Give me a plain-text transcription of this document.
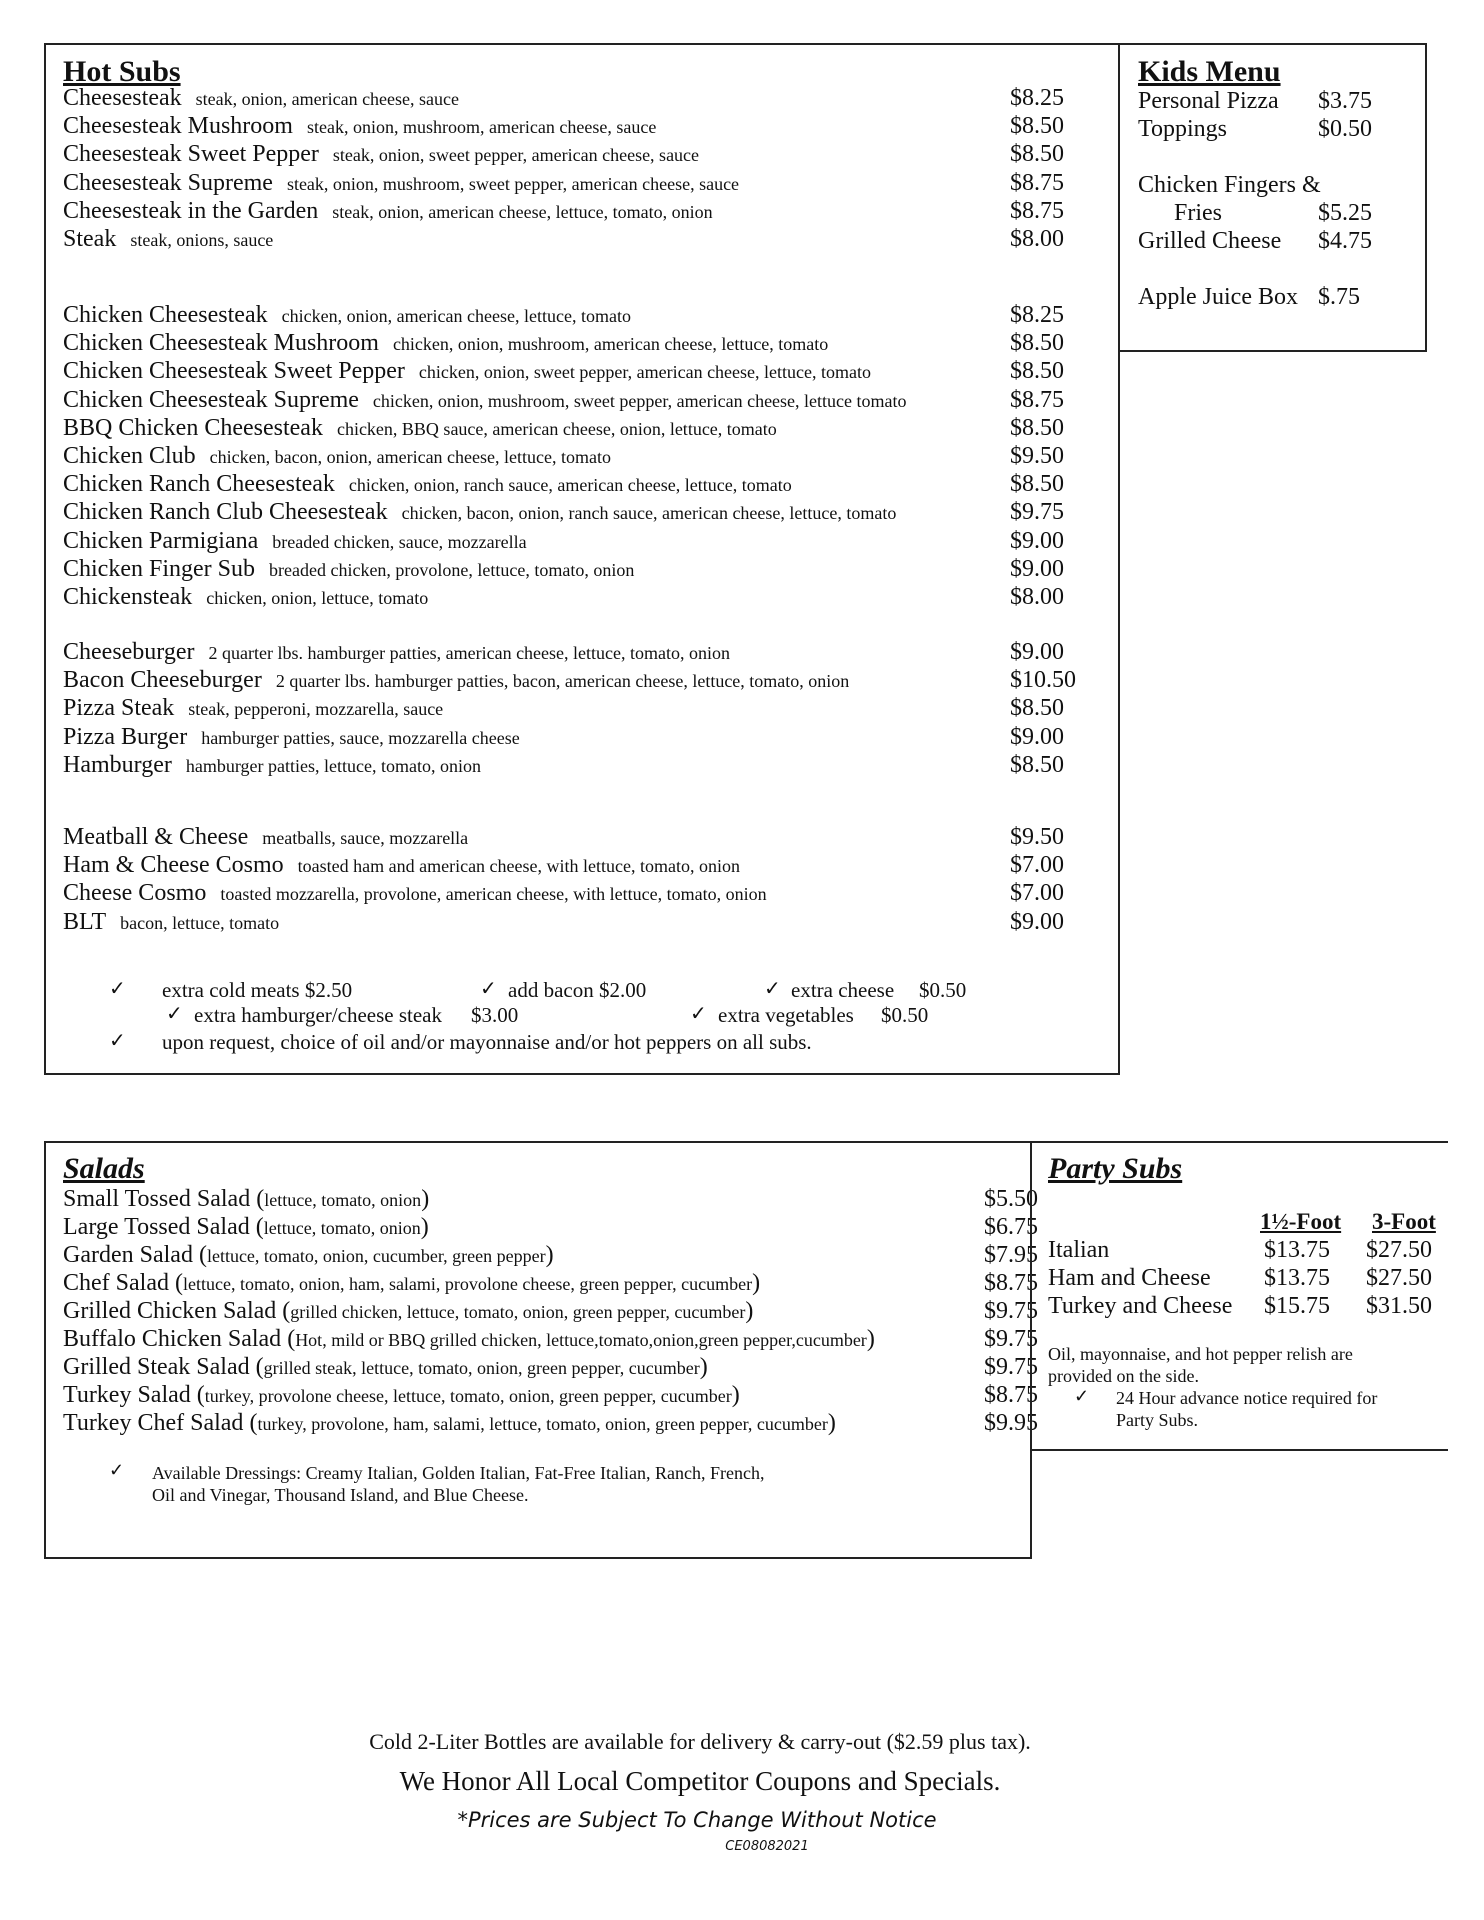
Hot Subs
Cheesesteak steak, onion, american cheese, sauce	$8.25
Cheesesteak Mushroom steak, onion, mushroom, american cheese, sauce	$8.50
Cheesesteak Sweet Pepper steak, onion, sweet pepper, american cheese, sauce	$8.50
Cheesesteak Supreme steak, onion, mushroom, sweet pepper, american cheese, sauce	$8.75
Cheesesteak in the Garden steak, onion, american cheese, lettuce, tomato, onion	$8.75
Steak steak, onions, sauce	$8.00
Chicken Cheesesteak chicken, onion, american cheese, lettuce, tomato	$8.25
Chicken Cheesesteak Mushroom chicken, onion, mushroom, american cheese, lettuce, tomato	$8.50
Chicken Cheesesteak Sweet Pepper chicken, onion, sweet pepper, american cheese, lettuce, tomato	$8.50
Chicken Cheesesteak Supreme chicken, onion, mushroom, sweet pepper, american cheese, lettuce tomato	$8.75
BBQ Chicken Cheesesteak chicken, BBQ sauce, american cheese, onion, lettuce, tomato	$8.50
Chicken Club chicken, bacon, onion, american cheese, lettuce, tomato	$9.50
Chicken Ranch Cheesesteak chicken, onion, ranch sauce, american cheese, lettuce, tomato	$8.50
Chicken Ranch Club Cheesesteak chicken, bacon, onion, ranch sauce, american cheese, lettuce, tomato	$9.75
Chicken Parmigiana breaded chicken, sauce, mozzarella	$9.00
Chicken Finger Sub breaded chicken, provolone, lettuce, tomato, onion	$9.00
Chickensteak chicken, onion, lettuce, tomato	$8.00
Cheeseburger 2 quarter lbs. hamburger patties, american cheese, lettuce, tomato, onion	$9.00
Bacon Cheeseburger 2 quarter lbs. hamburger patties, bacon, american cheese, lettuce, tomato, onion	$10.50
Pizza Steak steak, pepperoni, mozzarella, sauce	$8.50
Pizza Burger hamburger patties, sauce, mozzarella cheese	$9.00
Hamburger hamburger patties, lettuce, tomato, onion	$8.50
Meatball & Cheese meatballs, sauce, mozzarella	$9.50
Ham & Cheese Cosmo toasted ham and american cheese, with lettuce, tomato, onion	$7.00
Cheese Cosmo toasted mozzarella, provolone, american cheese, with lettuce, tomato, onion	$7.00
BLT bacon, lettuce, tomato	$9.00
✓ extra cold meats $2.50	✓ add bacon $2.00	✓ extra cheese $0.50
✓ extra hamburger/cheese steak $3.00	✓ extra vegetables $0.50
✓ upon request, choice of oil and/or mayonnaise and/or hot peppers on all subs.
Kids Menu
Personal Pizza $3.75
Toppings	$0.50
Chicken Fingers &
Fries	$5.25
Grilled Cheese $4.75
Apple Juice Box $.75
Salads
Small Tossed Salad (lettuce, tomato, onion)	$5.50
Large Tossed Salad (lettuce, tomato, onion)	$6.75
Garden Salad (lettuce, tomato, onion, cucumber, green pepper)	$7.95
Chef Salad (lettuce, tomato, onion, ham, salami, provolone cheese, green pepper, cucumber)	$8.75
Grilled Chicken Salad (grilled chicken, lettuce, tomato, onion, green pepper, cucumber)	$9.75
Buffalo Chicken Salad (Hot, mild or BBQ grilled chicken, lettuce,tomato,onion,green pepper,cucumber)	$9.75
Grilled Steak Salad (grilled steak, lettuce, tomato, onion, green pepper, cucumber)	$9.75
Turkey Salad (turkey, provolone cheese, lettuce, tomato, onion, green pepper, cucumber)	$8.75
Turkey Chef Salad (turkey, provolone, ham, salami, lettuce, tomato, onion, green pepper, cucumber)	$9.95
✓ Available Dressings: Creamy Italian, Golden Italian, Fat-Free Italian, Ranch, French,
Oil and Vinegar, Thousand Island, and Blue Cheese.
Party Subs
1½-Foot 3-Foot
Italian	$13.75 $27.50
Ham and Cheese $13.75 $27.50
Turkey and Cheese $15.75 $31.50
Oil, mayonnaise, and hot pepper relish are
provided on the side.
✓ 24 Hour advance notice required for
Party Subs.
Cold 2-Liter Bottles are available for delivery & carry-out ($2.59 plus tax).
We Honor All Local Competitor Coupons and Specials.
*Prices are Subject To Change Without Notice
CE08082021
